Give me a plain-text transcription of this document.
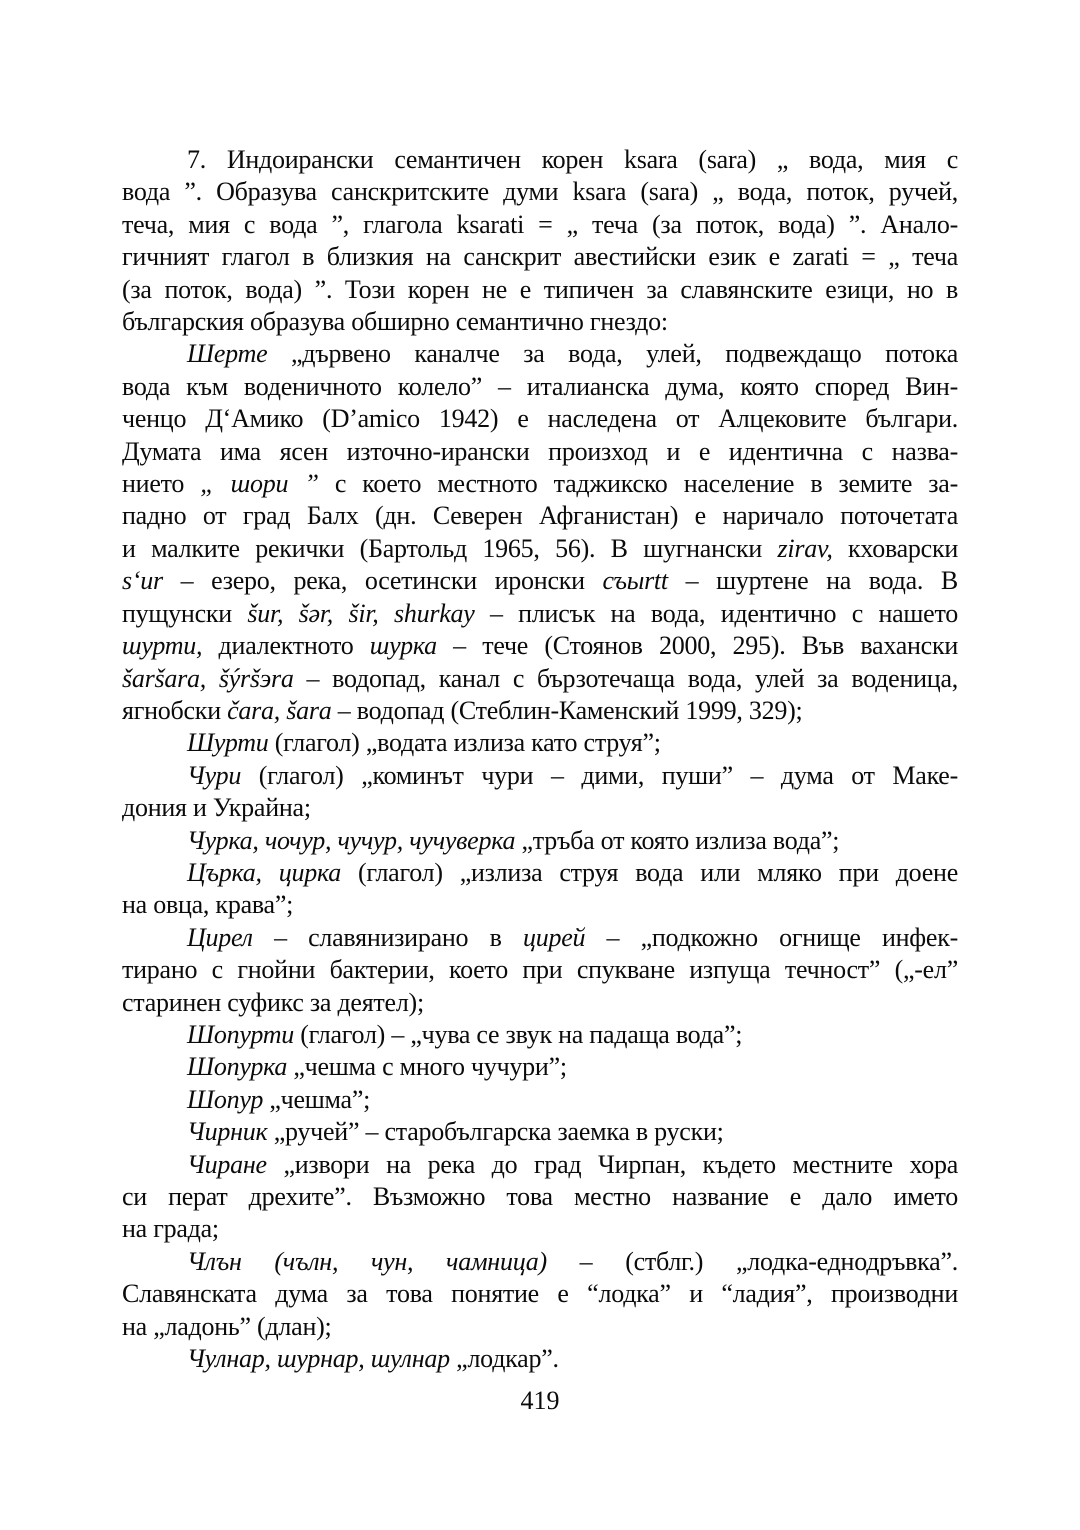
7. Индоирански семантичен корен ksara (sara) „ вода, мия с
вода ”. Образува санскритските думи ksara (sara) „ вода, поток, ручей,
теча, мия с вода ”, глагола ksarati = „ теча (за поток, вода) ”. Анало-
гичният глагол в близкия на санскрит авестийски език е zarati = „ теча
(за поток, вода) ”. Този корен не е типичен за славянските езици, но в
българския образува обширно семантично гнездо:
Шерте „дървено каналче за вода, улей, подвеждащо потока
вода към воденичното колело” – италианска дума, която според Вин-
ченцо Д‘Амико (D’amico 1942) е наследена от Алцековите българи.
Думата има ясен източно-ирански произход и е идентична с назва-
нието „ шори ” с което местното таджикско население в земите за-
падно от град Балх (дн. Северен Афганистан) е наричало поточетата
и малките рекички (Бартольд 1965, 56). В шугнански zirav, кховарски
s‘ur – езеро, река, осетински иронски съыrtt – шуртене на вода. В
пущунски šur, šər, šir, shurkay – плисък на вода, идентично с нашето
шурти, диалектното шурка – тече (Стоянов 2000, 295). Във вахански
šaršara, šýršэra – водопад, канал с бързотечаща вода, улей за воденица,
ягнобски čara, šara – водопад (Стеблин-Каменский 1999, 329);
Шурти (глагол) „водата излиза като струя”;
Чури (глагол) „коминът чури – дими, пуши” – дума от Маке-
дония и Украйна;
Чурка, чочур, чучур, чучуверка „тръба от която излиза вода”;
Църка, цирка (глагол) „излиза струя вода или мляко при доене
на овца, крава”;
Цирел – славянизирано в цирей – „подкожно огнище инфек-
тирано с гнойни бактерии, което при спукване изпуща течност” („-ел”
старинен суфикс за деятел);
Шопурти (глагол) – „чува се звук на падаща вода”;
Шопурка „чешма с много чучури”;
Шопур „чешма”;
Чирник „ручей” – старобългарска заемка в руски;
Чиране „извори на река до град Чирпан, където местните хора
си перат дрехите”. Възможно това местно название е дало името
на града;
Члън (чълн, чун, чамница) – (стблг.) „лодка-еднодръвка”.
Славянската дума за това понятие е “лодка” и “ладия”, производни
на „ладонь” (длан);
Чулнар, шурнар, шулнар „лодкар”.
419
